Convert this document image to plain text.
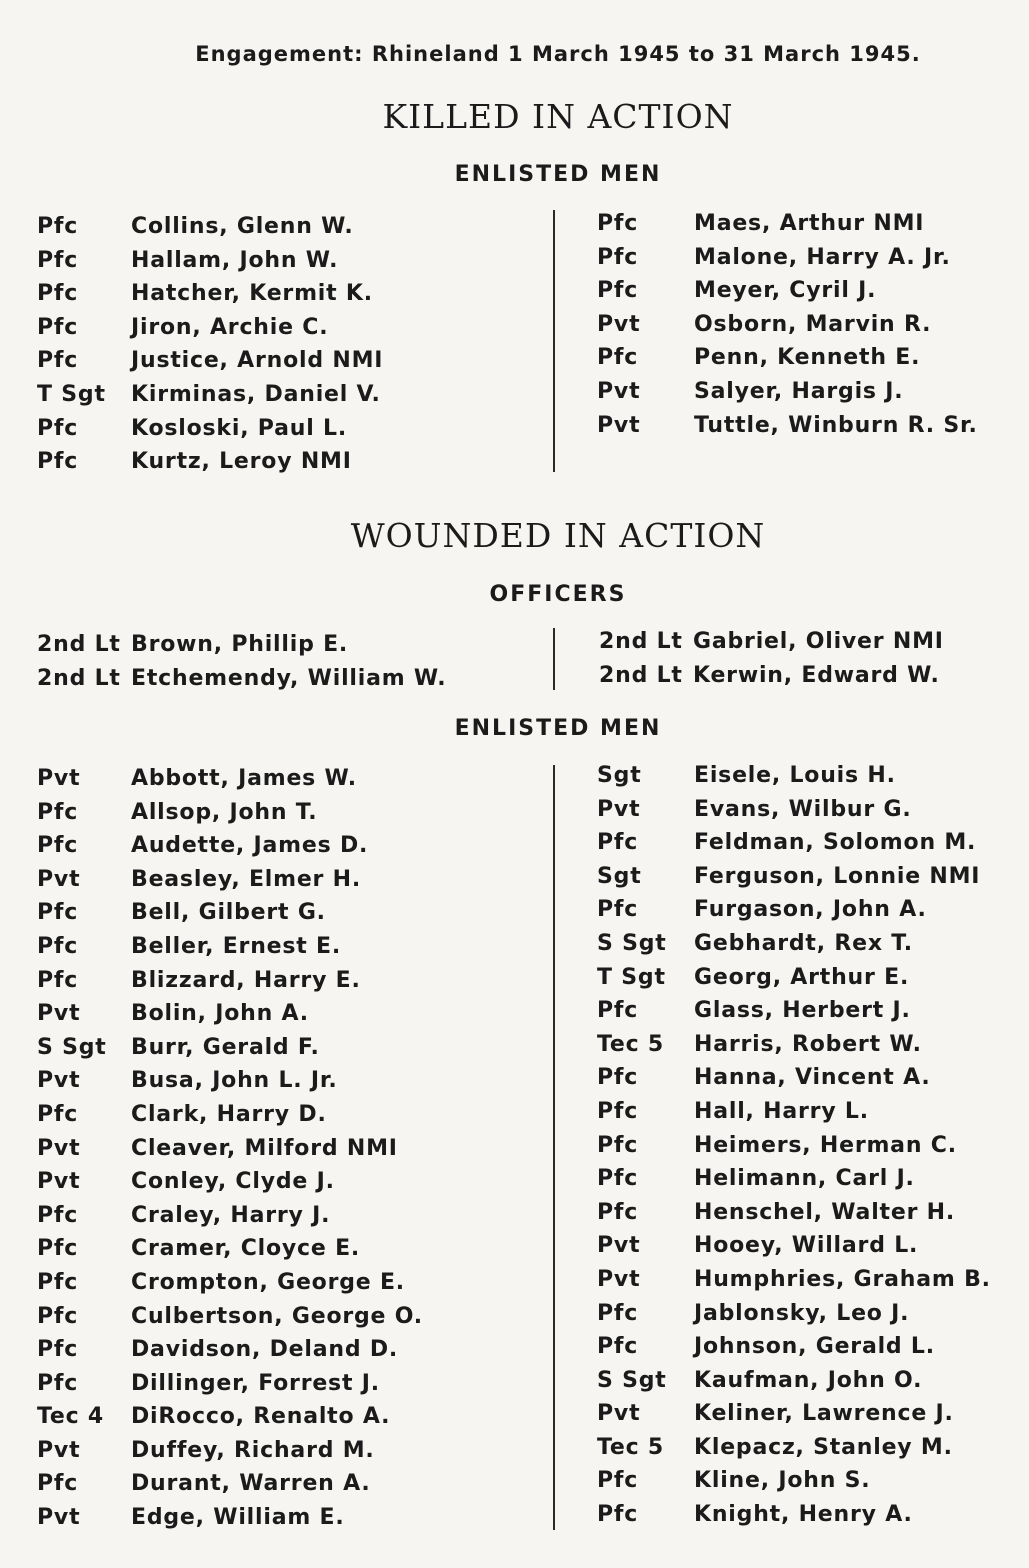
Engagement: Rhineland 1 March 1945 to 31 March 1945.
KILLED IN ACTION
ENLISTED MEN
Pfc Collins, Glenn W.
Pfc Hallam, John W.
Pfc Hatcher, Kermit K.
Pfc Jiron, Archie C.
Pfc Justice, Arnold NMI
T Sgt Kirminas, Daniel V.
Pfc Kosloski, Paul L.
Pfc Kurtz, Leroy NMI
Pfc	Maes, Arthur NMI
Pfc	Malone, Harry A. Jr.
Pfc	Meyer, Cyril J.
Pvt Osborn, Marvin R.
Pfc	Penn, Kenneth E.
Pvt Salyer, Hargis J.
Pvt Tuttle, Winburn R. Sr.
WOUNDED IN ACTION
OFFICERS
2nd Lt Brown, Phillip E.
2nd Lt Etchemendy, William W.
2nd Lt Gabriel, Oliver NMI
2nd Lt Kerwin, Edward W.
ENLISTED MEN
Pvt Abbott, James W.
Pfc Allsop, John T.
Pfc Audette, James D.
Pvt Beasley, Elmer H.
Pfc Bell, Gilbert G.
Pfc Beller, Ernest E.
Pfc Blizzard, Harry E.
Pvt Bolin, John A.
S Sgt Burr, Gerald F.
Pvt Busa, John L. Jr.
Pfc Clark, Harry D.
Pvt Cleaver, Milford NMI
Pvt Conley, Clyde J.
Pfc Craley, Harry J.
Pfc Cramer, Cloyce E.
Pfc Crompton, George E.
Pfc Culbertson, George O.
Pfc Davidson, Deland D.
Pfc Dillinger, Forrest J.
Tec 4 DiRocco, Renalto A.
Pvt Duffey, Richard M.
Pfc Durant, Warren A.
Pvt Edge, William E.
Sgt Eisele, Louis H.
Pvt Evans, Wilbur G.
Pfc	Feldman, Solomon M.
Sgt Ferguson, Lonnie NMI
Pfc	Furgason, John A.
S Sgt Gebhardt, Rex T.
T Sgt Georg, Arthur E.
Pfc	Glass, Herbert J.
Tec 5 Harris, Robert W.
Pfc	Hanna, Vincent A.
Pfc	Hall, Harry L.
Pfc	Heimers, Herman C.
Pfc	Helimann, Carl J.
Pfc	Henschel, Walter H.
Pvt Hooey, Willard L.
Pvt Humphries, Graham B.
Pfc	Jablonsky, Leo J.
Pfc	Johnson, Gerald L.
S Sgt Kaufman, John O.
Pvt Keliner, Lawrence J.
Tec 5 Klepacz, Stanley M.
Pfc	Kline, John S.
Pfc	Knight, Henry A.
